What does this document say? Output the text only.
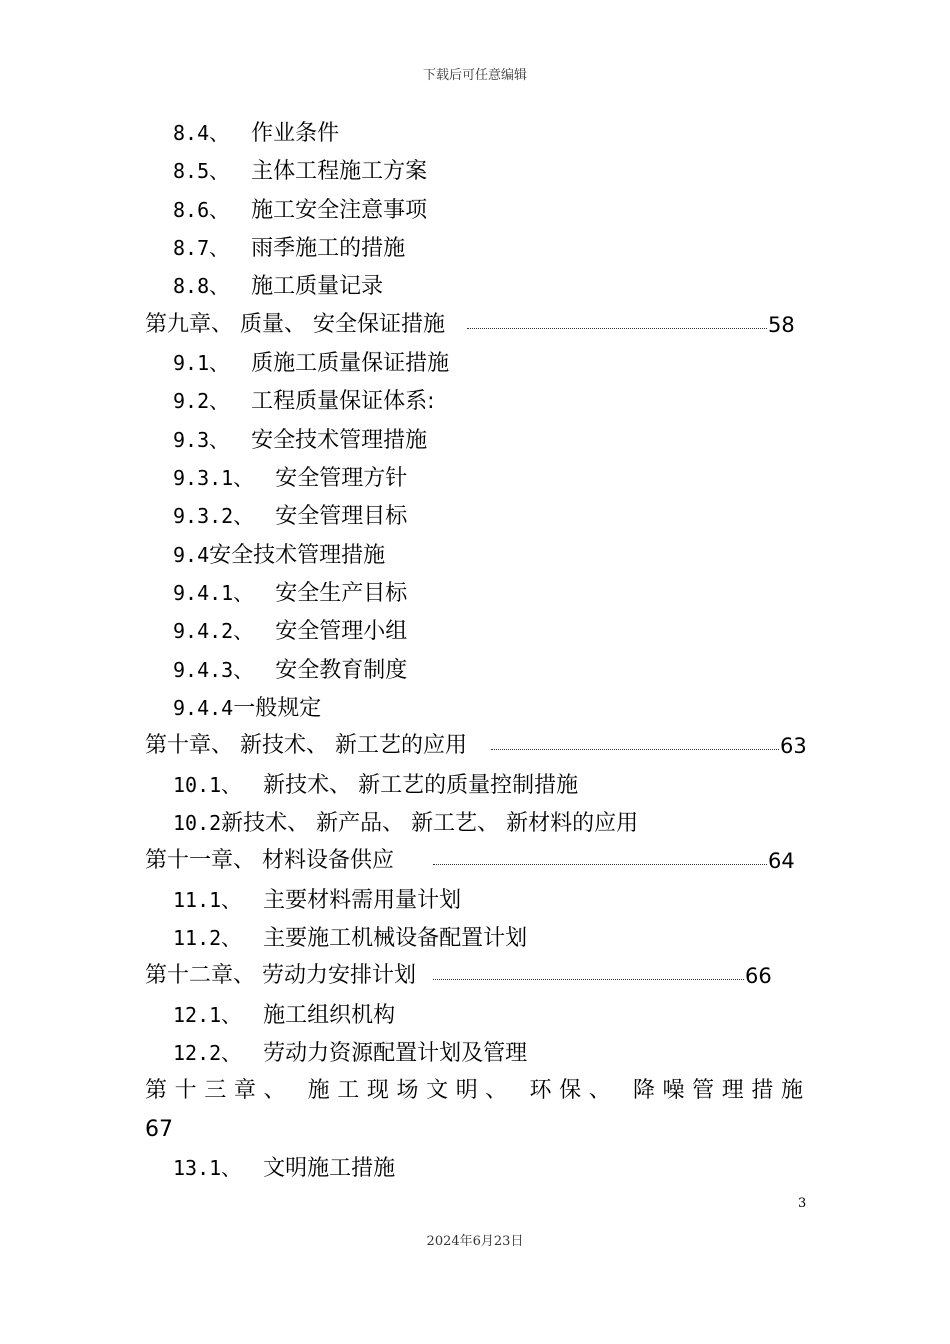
下载后可任意编辑
8.4、 作业条件
8.5、 主体工程施工方案
8.6、 施工安全注意事项
8.7、 雨季施工的措施
8.8、 施工质量记录
第九章、 质量、 安全保证措施	58
9.1、 质施工质量保证措施
9.2、 工程质量保证体系:
9.3、 安全技术管理措施
9.3.1、 安全管理方针
9.3.2、 安全管理目标
9.4安全技术管理措施
9.4.1、 安全生产目标
9.4.2、 安全管理小组
9.4.3、 安全教育制度
9.4.4一般规定
第十章、 新技术、 新工艺的应用	63
10.1、 新技术、 新工艺的质量控制措施
10.2新技术、 新产品、 新工艺、 新材料的应用
第十一章、 材料设备供应	64
11.1、 主要材料需用量计划
11.2、 主要施工机械设备配置计划
第十二章、 劳动力安排计划	66
12.1、 施工组织机构
12.2、 劳动力资源配置计划及管理
第十三章、 施工现场文明、 环保、 降噪管理措施
67
13.1、 文明施工措施
3
2024年6月23日
